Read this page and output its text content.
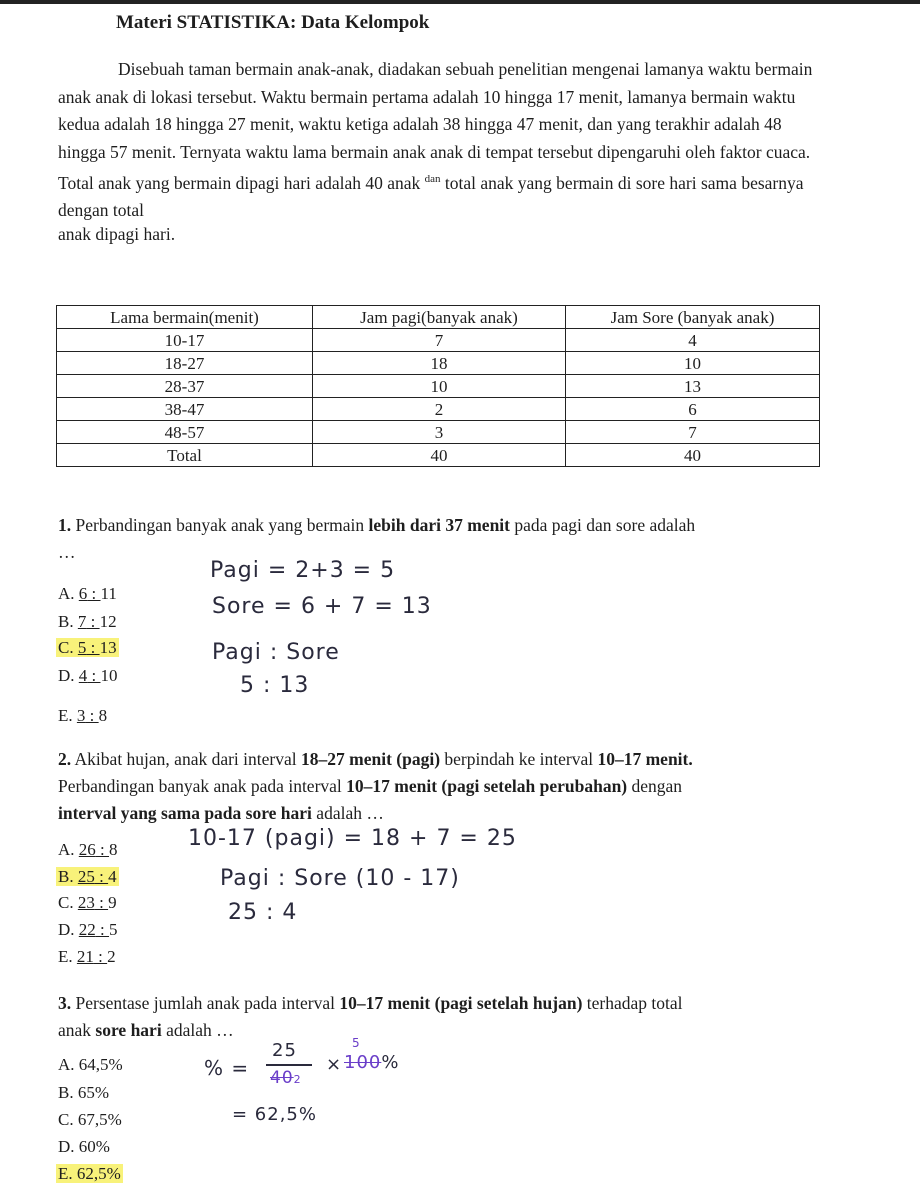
Materi STATISTIKA: Data Kelompok

Disebuah taman bermain anak-anak, diadakan sebuah penelitian mengenai lamanya waktu bermain anak anak di lokasi tersebut. Waktu bermain pertama adalah 10 hingga 17 menit, lamanya bermain waktu kedua adalah 18 hingga 27 menit, waktu ketiga adalah 38 hingga 47 menit, dan yang terakhir adalah 48 hingga 57 menit. Ternyata waktu lama bermain anak anak di tempat tersebut dipengaruhi oleh faktor cuaca. Total anak yang bermain dipagi hari adalah 40 anak $^{dan}$ total anak yang bermain di sore hari sama besarnya dengan total

anak dipagi hari.
Lama bermain(menit)	Jam pagi(banyak anak)	Jam Sore (banyak anak)
10-17	7	4
18-27	18	10
28-37	10	13
38-47	2	6
48-57	3	7
Total	40	40
1. Perbandingan banyak anak yang bermain lebih dari 37 menit pada pagi dan sore adalah
…
A. 6 : 11
B. 7 : 12
C. 5 : 13
D. 4 : 10
E. 3 : 8
Pagi = 2+3 = 5
Sore = 6 + 7 = 13
Pagi : Sore
5 : 13
2. Akibat hujan, anak dari interval 18–27 menit (pagi) berpindah ke interval 10–17 menit.
Perbandingan banyak anak pada interval 10–17 menit (pagi setelah perubahan) dengan
interval yang sama pada sore hari adalah …
A. 26 : 8
B. 25 : 4
C. 23 : 9
D. 22 : 5
E. 21 : 2
10-17 (pagi) = 18 + 7 = 25
Pagi : Sore (10 - 17)
25 : 4
3. Persentase jumlah anak pada interval 10–17 menit (pagi setelah hujan) terhadap total
anak sore hari adalah …
A. 64,5%
B. 65%
C. 67,5%
D. 60%
E. 62,5%
% =
25
402
×
5
100%
= 62,5%
